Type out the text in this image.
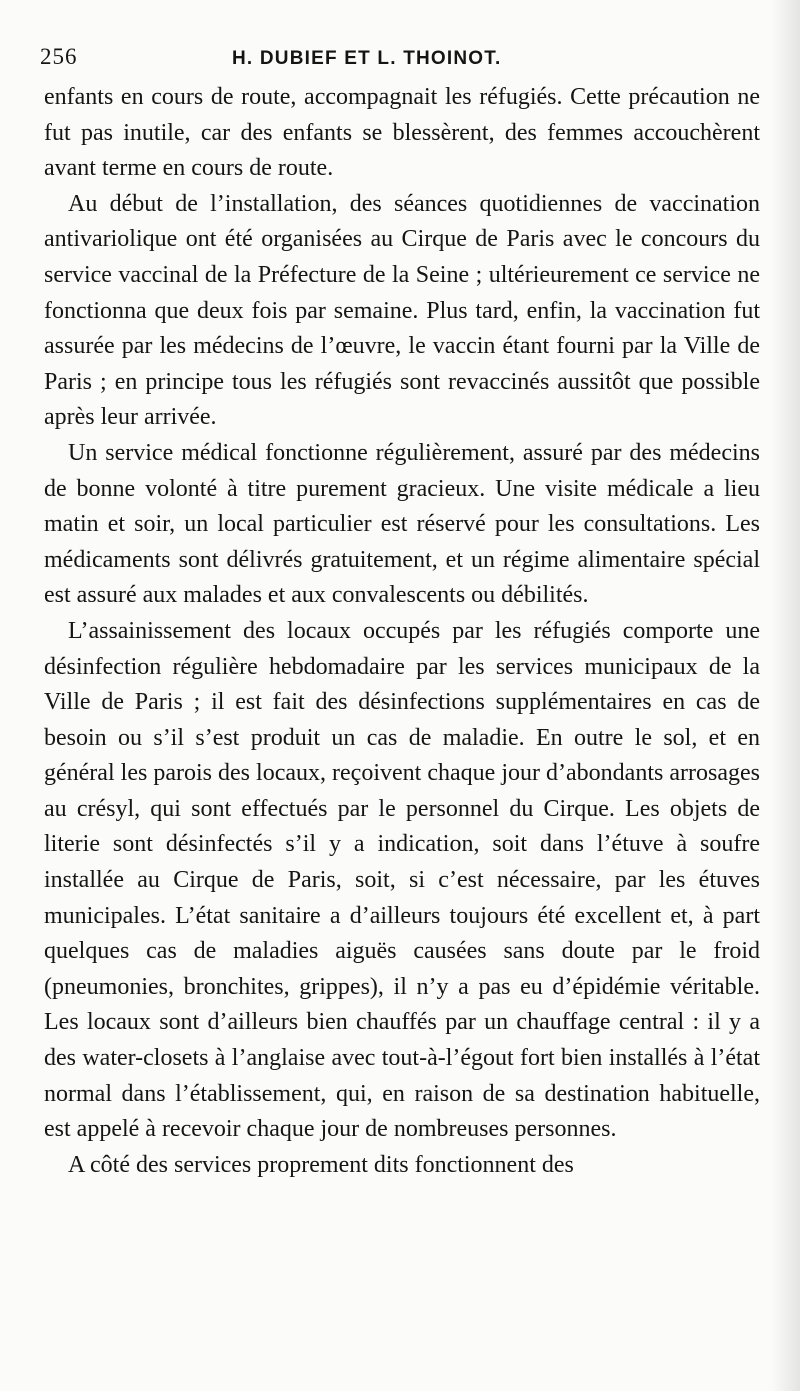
256	H. DUBIEF ET L. THOINOT.

enfants en cours de route, accompagnait les réfugiés. Cette précaution ne fut pas inutile, car des enfants se blessèrent, des femmes accouchèrent avant terme en cours de route.

Au début de l’installation, des séances quotidiennes de vaccination antivariolique ont été organisées au Cirque de Paris avec le concours du service vaccinal de la Préfecture de la Seine ; ultérieurement ce service ne fonctionna que deux fois par semaine. Plus tard, enfin, la vaccination fut assurée par les médecins de l’œuvre, le vaccin étant fourni par la Ville de Paris ; en principe tous les réfugiés sont revaccinés aussitôt que possible après leur arrivée.

Un service médical fonctionne régulièrement, assuré par des médecins de bonne volonté à titre purement gracieux. Une visite médicale a lieu matin et soir, un local particulier est réservé pour les consultations. Les médicaments sont délivrés gratuitement, et un régime alimentaire spécial est assuré aux malades et aux convalescents ou débilités.

L’assainissement des locaux occupés par les réfugiés comporte une désinfection régulière hebdomadaire par les services municipaux de la Ville de Paris ; il est fait des désinfections supplémentaires en cas de besoin ou s’il s’est produit un cas de maladie. En outre le sol, et en général les parois des locaux, reçoivent chaque jour d’abondants arrosages au crésyl, qui sont effectués par le personnel du Cirque. Les objets de literie sont désinfectés s’il y a indication, soit dans l’étuve à soufre installée au Cirque de Paris, soit, si c’est nécessaire, par les étuves municipales. L’état sanitaire a d’ailleurs toujours été excellent et, à part quelques cas de maladies aiguës causées sans doute par le froid (pneumonies, bronchites, grippes), il n’y a pas eu d’épidémie véritable. Les locaux sont d’ailleurs bien chauffés par un chauffage central : il y a des water-closets à l’anglaise avec tout-à-l’égout fort bien installés à l’état normal dans l’établissement, qui, en raison de sa destination habituelle, est appelé à recevoir chaque jour de nombreuses personnes.

A côté des services proprement dits fonctionnent des
